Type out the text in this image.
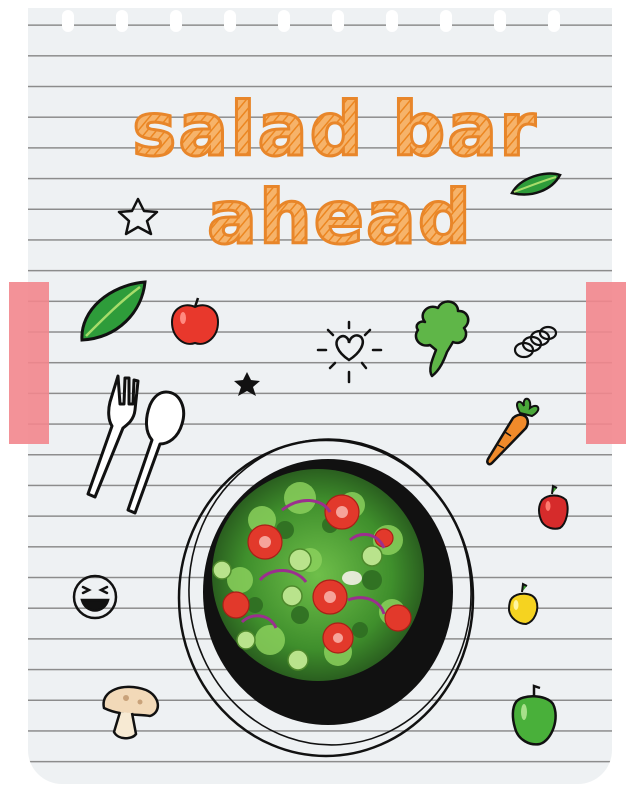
salad bar
ahead
